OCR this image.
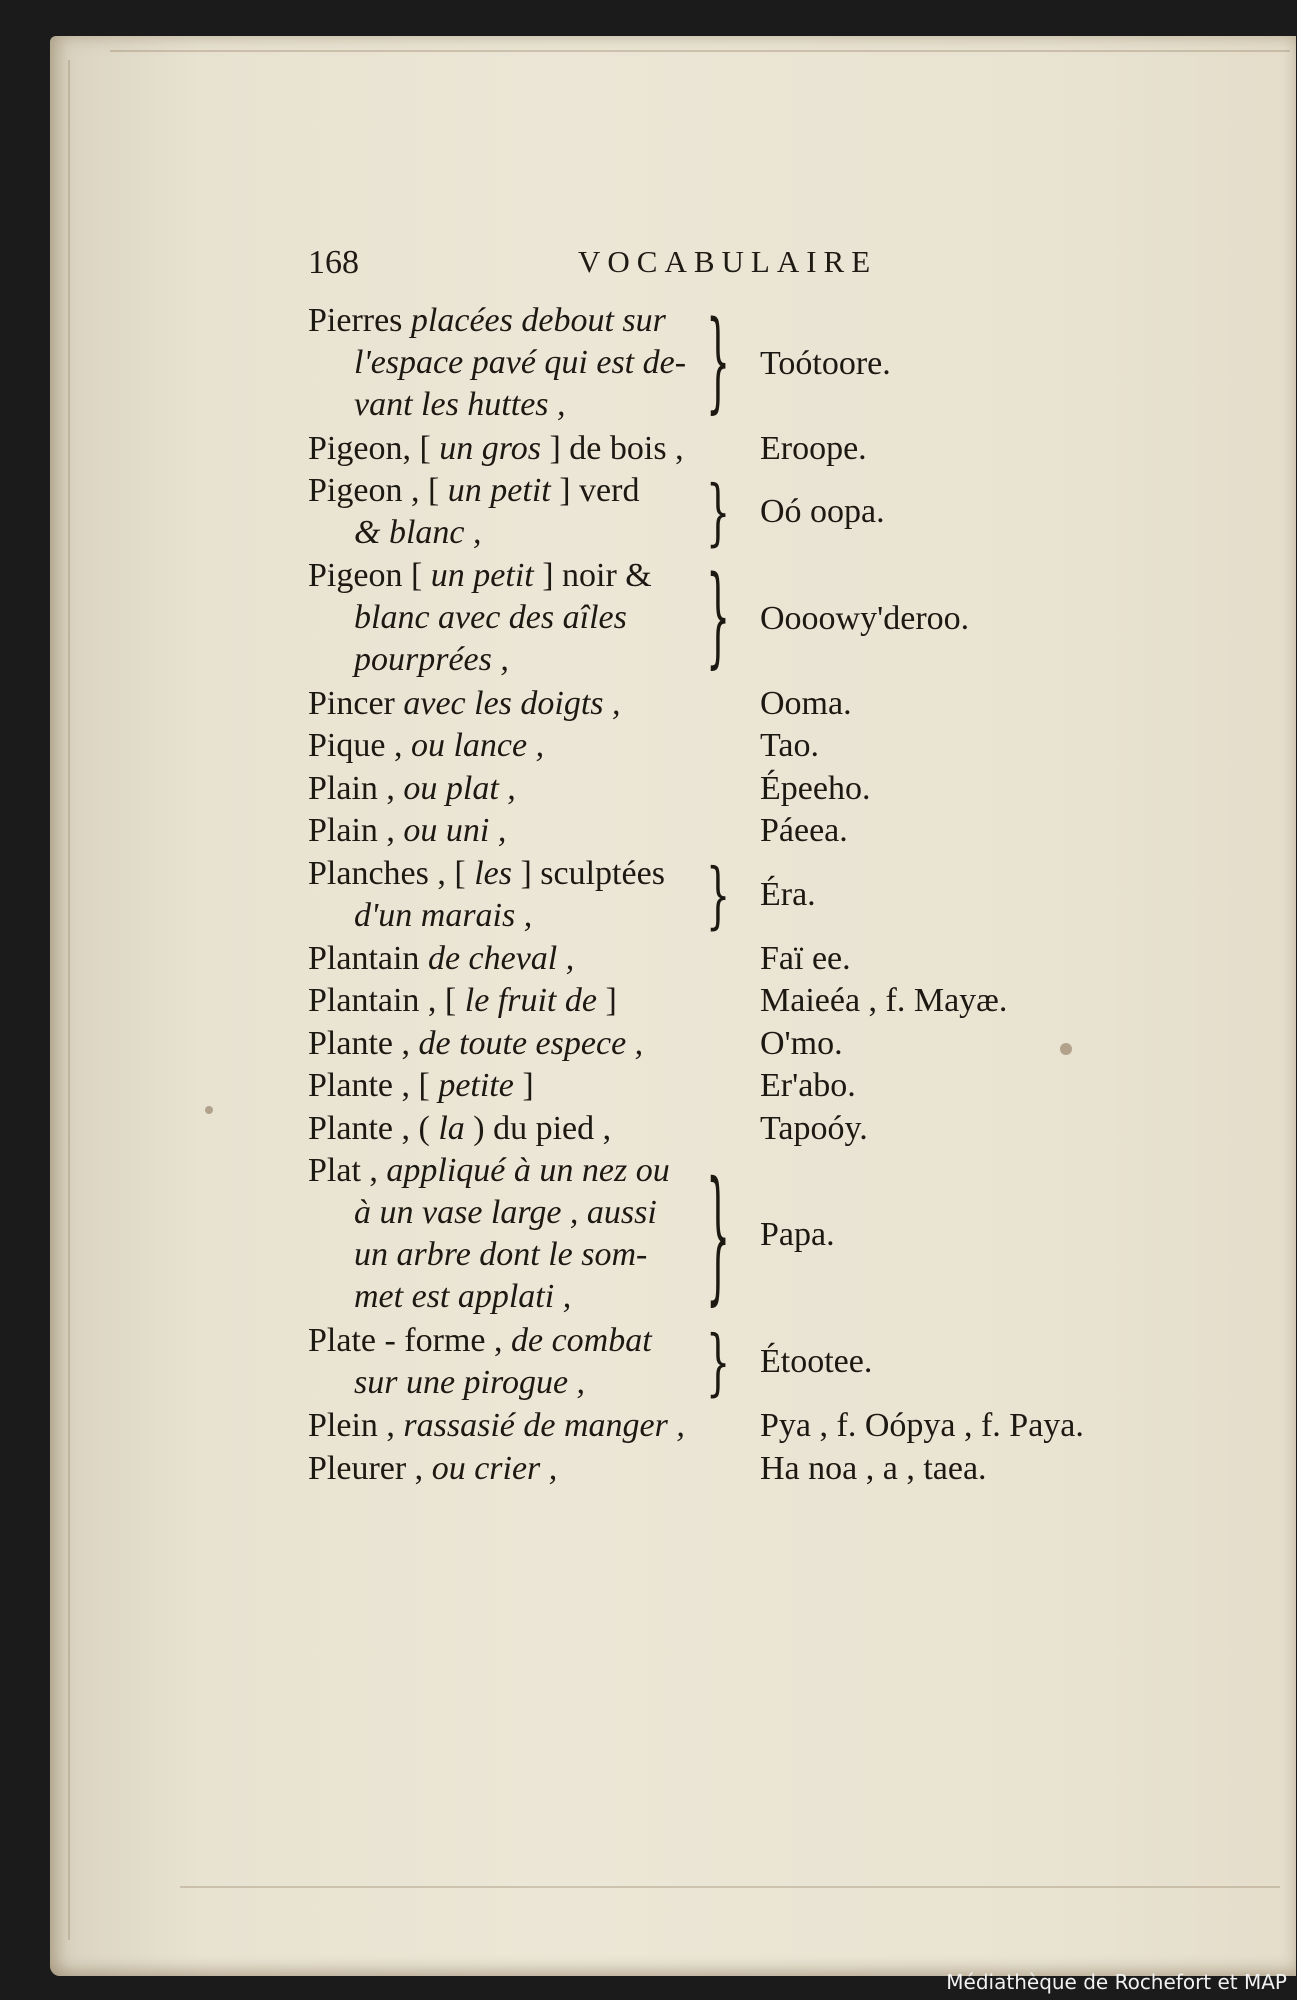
168	VOCABULAIRE
Pierres placées debout sur
l'espace pavé qui est de-
vant les huttes ,	} Toótoore.
Pigeon, [ un gros ] de bois ,	Eroope.
Pigeon , [ un petit ] verd
& blanc ,	} Oó oopa.
Pigeon [ un petit ] noir &
blanc avec des aîles
pourprées ,	} Oooowy'deroo.
Pincer avec les doigts ,	Ooma.
Pique , ou lance ,	Tao.
Plain , ou plat ,	Épeeho.
Plain , ou uni ,	Páeea.
Planches , [ les ] sculptées
d'un marais ,	} Éra.
Plantain de cheval ,	Faï ee.
Plantain , [ le fruit de ]	Maieéa , f. Mayæ.
Plante , de toute espece ,	O'mo.
Plante , [ petite ]	Er'abo.
Plante , ( la ) du pied ,	Tapoóy.
Plat , appliqué à un nez ou
à un vase large , aussi
un arbre dont le som-
met est applati ,	} Papa.
Plate - forme , de combat
sur une pirogue ,	} Étootee.
Plein , rassasié de manger ,	Pya , f. Oópya , f. Paya.
Pleurer , ou crier ,	Ha noa , a , taea.
Médiathèque de Rochefort et MAP
